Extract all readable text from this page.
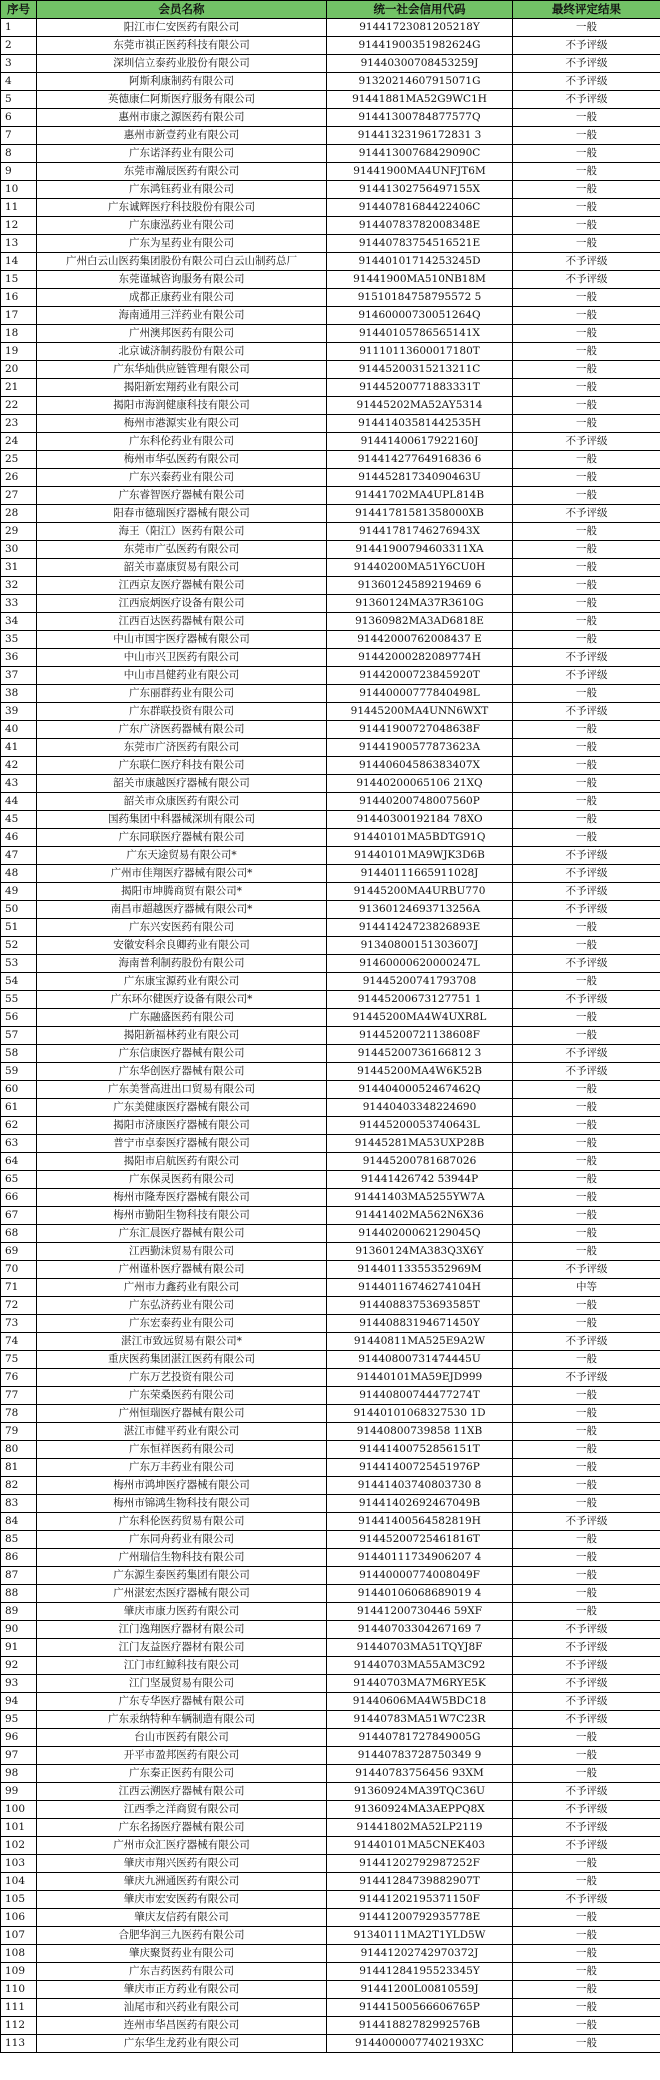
序号	会员名称	统一社会信用代码	最终评定结果
1	阳江市仁安医药有限公司	91441723081205218Y	一般
2	东莞市祺正医药科技有限公司	91441900351982624G	不予评级
3	深圳信立泰药业股份有限公司	91440300708453259J	不予评级
4	阿斯利康制药有限公司	91320214607915071G	不予评级
5	英德康仁阿斯医疗服务有限公司	91441881MA52G9WC1H	不予评级
6	惠州市康之源医药有限公司	91441300784877577Q	一般
7	惠州市新壹药业有限公司	91441323196172831 3	一般
8	广东诺泽药业有限公司	91441300768429090C	一般
9	东莞市瀚辰医药有限公司	91441900MA4UNFJT6M	一般
10	广东鸿钰药业有限公司	91441302756497155X	一般
11	广东诚辉医疗科技股份有限公司	91440781684422406C	一般
12	广东康泓药业有限公司	91440783782008348E	一般
13	广东为星药业有限公司	91440783754516521E	一般
14	广州白云山医药集团股份有限公司白云山制药总厂	91440101714253245D	不予评级
15	东莞谨城咨询服务有限公司	91441900MA510NB18M	不予评级
16	成都正康药业有限公司	91510184758795572 5	一般
17	海南通用三洋药业有限公司	91460000730051264Q	一般
18	广州澳邦医药有限公司	91440105786565141X	一般
19	北京诚济制药股份有限公司	91110113600017180T	一般
20	广东华灿供应链管理有限公司	91445200315213211C	一般
21	揭阳新宏翔药业有限公司	91445200771883331T	一般
22	揭阳市海润健康科技有限公司	91445202MA52AY5314	一般
23	梅州市港源实业有限公司	91441403581442535H	一般
24	广东科伦药业有限公司	91441400617922160J	不予评级
25	梅州市华弘医药有限公司	91441427764916836 6	一般
26	广东兴泰药业有限公司	91445281734090463U	一般
27	广东睿智医疗器械有限公司	91441702MA4UPL814B	一般
28	阳春市德瑞医疗器械有限公司	91441781581358000XB	不予评级
29	海王（阳江）医药有限公司	91441781746276943X	一般
30	东莞市广弘医药有限公司	91441900794603311XA	一般
31	韶关市嘉康贸易有限公司	91440200MA51Y6CU0H	一般
32	江西京友医疗器械有限公司	91360124589219469 6	一般
33	江西宸炳医疗设备有限公司	91360124MA37R3610G	一般
34	江西百达医药器械有限公司	91360982MA3AD6818E	一般
35	中山市国宇医疗器械有限公司	91442000762008437 E	一般
36	中山市兴卫医药有限公司	91442000282089774H	不予评级
37	中山市昌健药业有限公司	91442000723845920T	不予评级
38	广东丽群药业有限公司	91440000777840498L	一般
39	广东群联投资有限公司	91445200MA4UNN6WXT	不予评级
40	广东广济医药器械有限公司	91441900727048638F	一般
41	东莞市广济医药有限公司	91441900577873623A	一般
42	广东联仁医疗科技有限公司	91440604586383407X	一般
43	韶关市康越医疗器械有限公司	91440200065106 21XQ	一般
44	韶关市众康医药有限公司	91440200748007560P	一般
45	国药集团中科器械深圳有限公司	91440300192184 78XO	一般
46	广东同联医疗器械有限公司	91440101MA5BDTG91Q	一般
47	广东天途贸易有限公司*	91440101MA9WJK3D6B	不予评级
48	广州市佳翔医疗器械有限公司*	91440111665911028J	不予评级
49	揭阳市坤腾商贸有限公司*	91445200MA4URBU770	不予评级
50	南昌市超越医疗器械有限公司*	91360124693713256A	不予评级
51	广东兴安医药有限公司	91441424723826893E	一般
52	安徽安科余良卿药业有限公司	91340800151303607J	一般
53	海南普利制药股份有限公司	91460000620000247L	不予评级
54	广东康宝源药业有限公司	91445200741793708	一般
55	广东环尔健医疗设备有限公司*	91445200673127751 1	不予评级
56	广东融盛医药有限公司	91445200MA4W4UXR8L	一般
57	揭阳新福林药业有限公司	91445200721138608F	一般
58	广东信康医疗器械有限公司	91445200736166812 3	不予评级
59	广东华创医疗器械有限公司	91445200MA4W6K52B	不予评级
60	广东美誉高进出口贸易有限公司	91440400052467462Q	一般
61	广东美健康医疗器械有限公司	91440403348224690	一般
62	揭阳市济康医疗器械有限公司	91445200053740643L	一般
63	普宁市卓泰医疗器械有限公司	91445281MA53UXP28B	一般
64	揭阳市启航医药有限公司	91445200781687026	一般
65	广东保灵医药有限公司	91441426742 53944P	一般
66	梅州市隆寿医疗器械有限公司	91441403MA5255YW7A	一般
67	梅州市勤阳生物科技有限公司	91441402MA562N6X36	一般
68	广东汇晨医疗器械有限公司	91440200062129045Q	一般
69	江西勤沫贸易有限公司	91360124MA383Q3X6Y	一般
70	广州谨朴医疗器械有限公司	91440113355352969M	不予评级
71	广州市力鑫药业有限公司	91440116746274104H	中等
72	广东弘济药业有限公司	91440883753693585T	一般
73	广东宏泰药业有限公司	91440883194671450Y	一般
74	湛江市致远贸易有限公司*	91440811MA525E9A2W	不予评级
75	重庆医药集团湛江医药有限公司	91440800731474445U	一般
76	广东万艺投资有限公司	91440101MA59EJD999	不予评级
77	广东荣桑医药有限公司	91440800744477274T	一般
78	广州恒瑞医疗器械有限公司	91440101068327530 1D	一般
79	湛江市健平药业有限公司	91440800739858 11XB	一般
80	广东恒祥医药有限公司	91441400752856151T	一般
81	广东万丰药业有限公司	91441400725451976P	一般
82	梅州市鸿坤医疗器械有限公司	91441403740803730 8	一般
83	梅州市锦鸿生物科技有限公司	91441402692467049B	一般
84	广东科伦医药贸易有限公司	91441400564582819H	不予评级
85	广东同舟药业有限公司	91445200725461816T	一般
86	广州瑞信生物科技有限公司	91440111734906207 4	一般
87	广东源生泰医药集团有限公司	91440000774008049F	一般
88	广州湛宏杰医疗器械有限公司	91440106068689019 4	一般
89	肇庆市康力医药有限公司	91441200730446 59XF	一般
90	江门逸翔医疗器材有限公司	91440703304267169 7	不予评级
91	江门友益医疗器材有限公司	91440703MA51TQYJ8F	不予评级
92	江门市红鲸科技有限公司	91440703MA55AM3C92	不予评级
93	江门坚晟贸易有限公司	91440703MA7M6RYE5K	不予评级
94	广东专华医疗器械有限公司	91440606MA4W5BDC18	不予评级
95	广东汞纳特种车辆制造有限公司	91440783MA51W7C23R	不予评级
96	台山市医药有限公司	91440781727849005G	一般
97	开平市盈邦医药有限公司	91440783728750349 9	一般
98	广东秦正医药有限公司	91440783756456 93XM	一般
99	江西云溯医疗器械有限公司	91360924MA39TQC36U	不予评级
100	江西季之洋商贸有限公司	91360924MA3AEPPQ8X	不予评级
101	广东名扬医疗器械有限公司	91441802MA52LP2119	不予评级
102	广州市众汇医疗器械有限公司	91440101MA5CNEK403	不予评级
103	肇庆市翔兴医药有限公司	91441202792987252F	一般
104	肇庆九洲通医药有限公司	91441284739882907T	一般
105	肇庆市宏安医药有限公司	91441202195371150F	不予评级
106	肇庆友信药有限公司	91441200792935778E	一般
107	合肥华润三九医药有限公司	91340111MA2T1YLD5W	一般
108	肇庆聚贤药业有限公司	91441202742970372J	一般
109	广东吉药医药有限公司	91441284195523345Y	一般
110	肇庆市正方药业有限公司	91441200L00810559J	一般
111	汕尾市和兴药业有限公司	91441500566606765P	一般
112	连州市华昌医药有限公司	91441882782992576B	一般
113	广东华生龙药业有限公司	91440000077402193XC	一般
